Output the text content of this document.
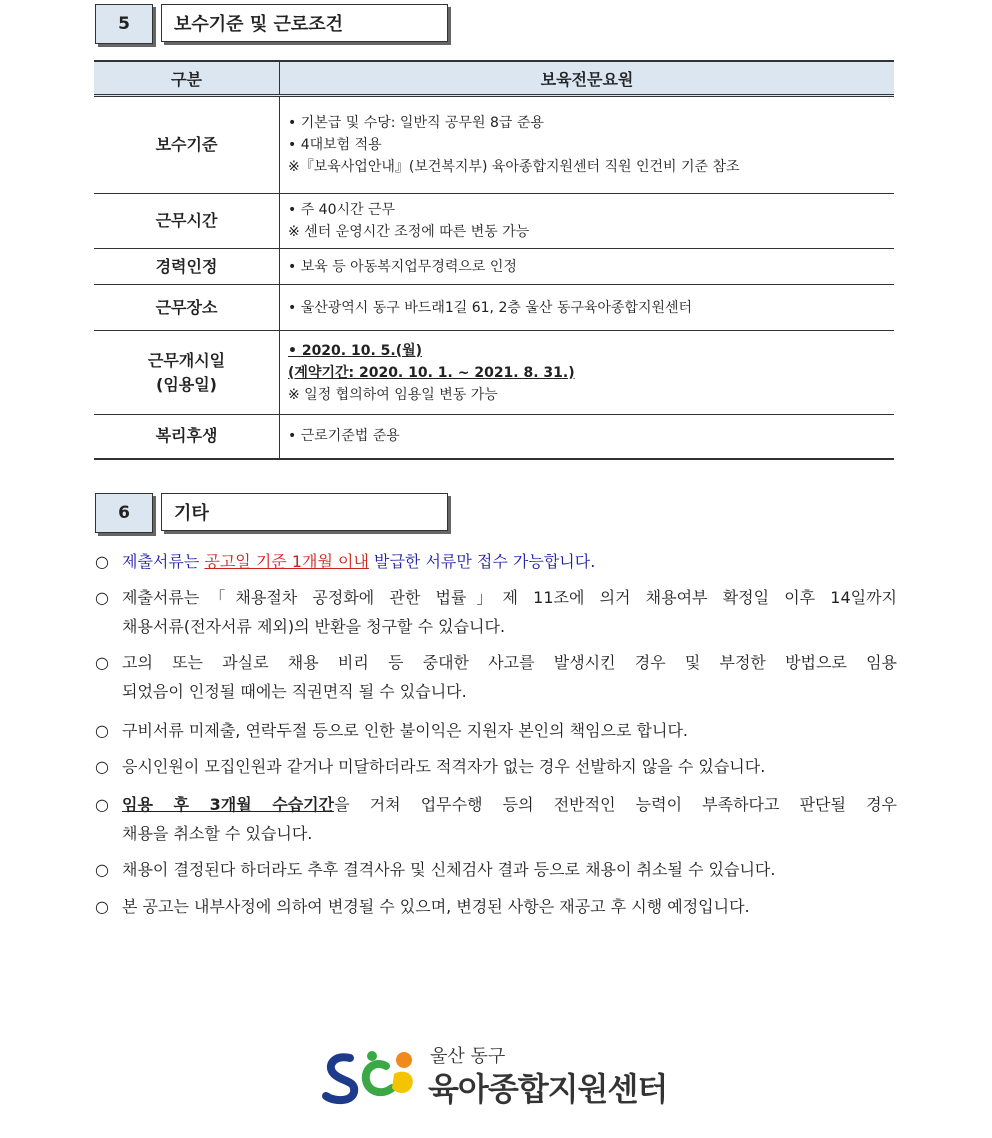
5	보수기준 및 근로조건
구분	보육전문요원
보수기준	• 기본급 및 수당: 일반직 공무원 8급 준용
• 4대보험 적용
※『보육사업안내』(보건복지부) 육아종합지원센터 직원 인건비 기준 참조

근무시간	• 주 40시간 근무
※ 센터 운영시간 조정에 따른 변동 가능

경력인정	• 보육 등 아동복지업무경력으로 인정

근무장소	• 울산광역시 동구 바드래1길 61, 2층 울산 동구육아종합지원센터

근무개시일
(임용일)	• 2020. 10. 5.(월)
(계약기간: 2020. 10. 1. ~ 2021. 8. 31.)
※ 일정 협의하여 임용일 변동 가능

복리후생	• 근로기준법 준용
6	기타
○ 제출서류는 공고일 기준 1개월 이내 발급한 서류만 접수 가능합니다.
○ 제출서류는「채용절차 공정화에 관한 법률」제 11조에 의거 채용여부 확정일 이후 14일까지
채용서류(전자서류 제외)의 반환을 청구할 수 있습니다.
○ 고의 또는 과실로 채용 비리 등 중대한 사고를 발생시킨 경우 및 부정한 방법으로 임용
되었음이 인정될 때에는 직권면직 될 수 있습니다.
○ 구비서류 미제출, 연락두절 등으로 인한 불이익은 지원자 본인의 책임으로 합니다.
○ 응시인원이 모집인원과 같거나 미달하더라도 적격자가 없는 경우 선발하지 않을 수 있습니다.
○ 임용 후 3개월 수습기간을 거쳐 업무수행 등의 전반적인 능력이 부족하다고 판단될 경우
채용을 취소할 수 있습니다.
○ 채용이 결정된다 하더라도 추후 결격사유 및 신체검사 결과 등으로 채용이 취소될 수 있습니다.
○ 본 공고는 내부사정에 의하여 변경될 수 있으며, 변경된 사항은 재공고 후 시행 예정입니다.
울산 동구
육아종합지원센터
